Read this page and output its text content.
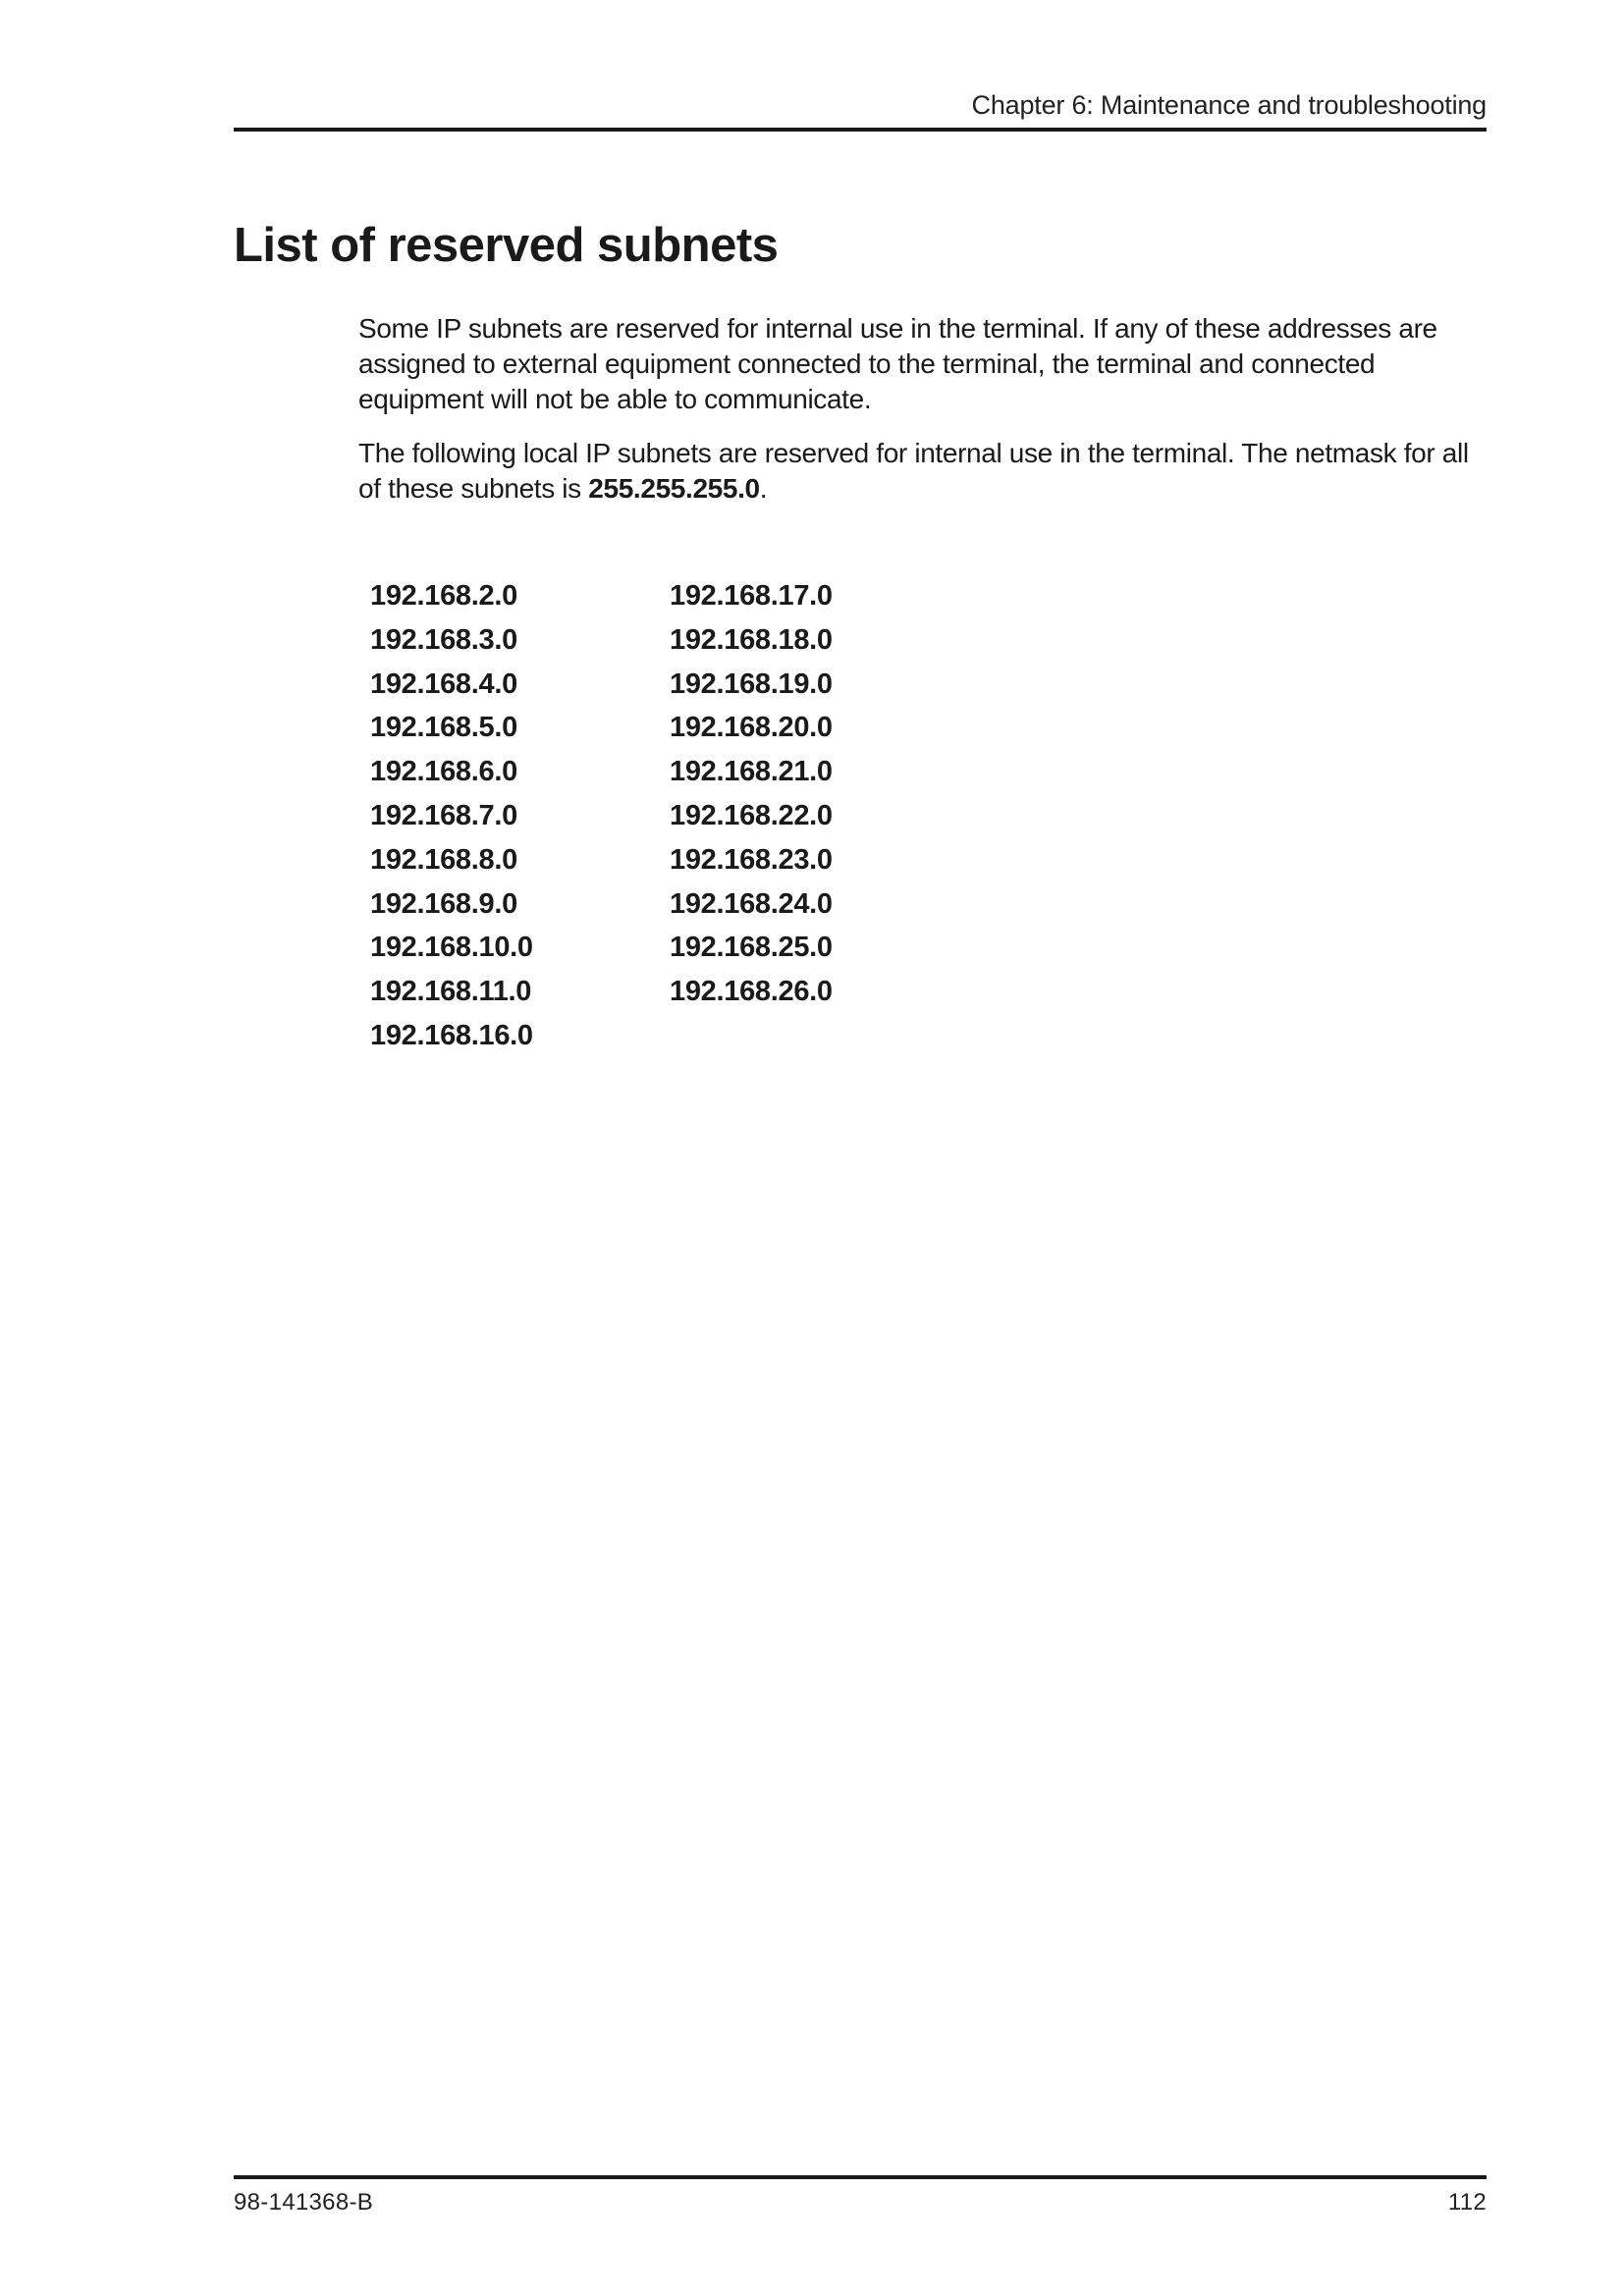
Chapter 6: Maintenance and troubleshooting
List of reserved subnets

Some IP subnets are reserved for internal use in the terminal. If any of these addresses are assigned to external equipment connected to the terminal, the terminal and connected equipment will not be able to communicate.

The following local IP subnets are reserved for internal use in the terminal. The netmask for all of these subnets is 255.255.255.0.

192.168.2.0
192.168.3.0
192.168.4.0
192.168.5.0
192.168.6.0
192.168.7.0
192.168.8.0
192.168.9.0
192.168.10.0
192.168.11.0
192.168.16.0
192.168.17.0
192.168.18.0
192.168.19.0
192.168.20.0
192.168.21.0
192.168.22.0
192.168.23.0
192.168.24.0
192.168.25.0
192.168.26.0
98-141368-B	112
